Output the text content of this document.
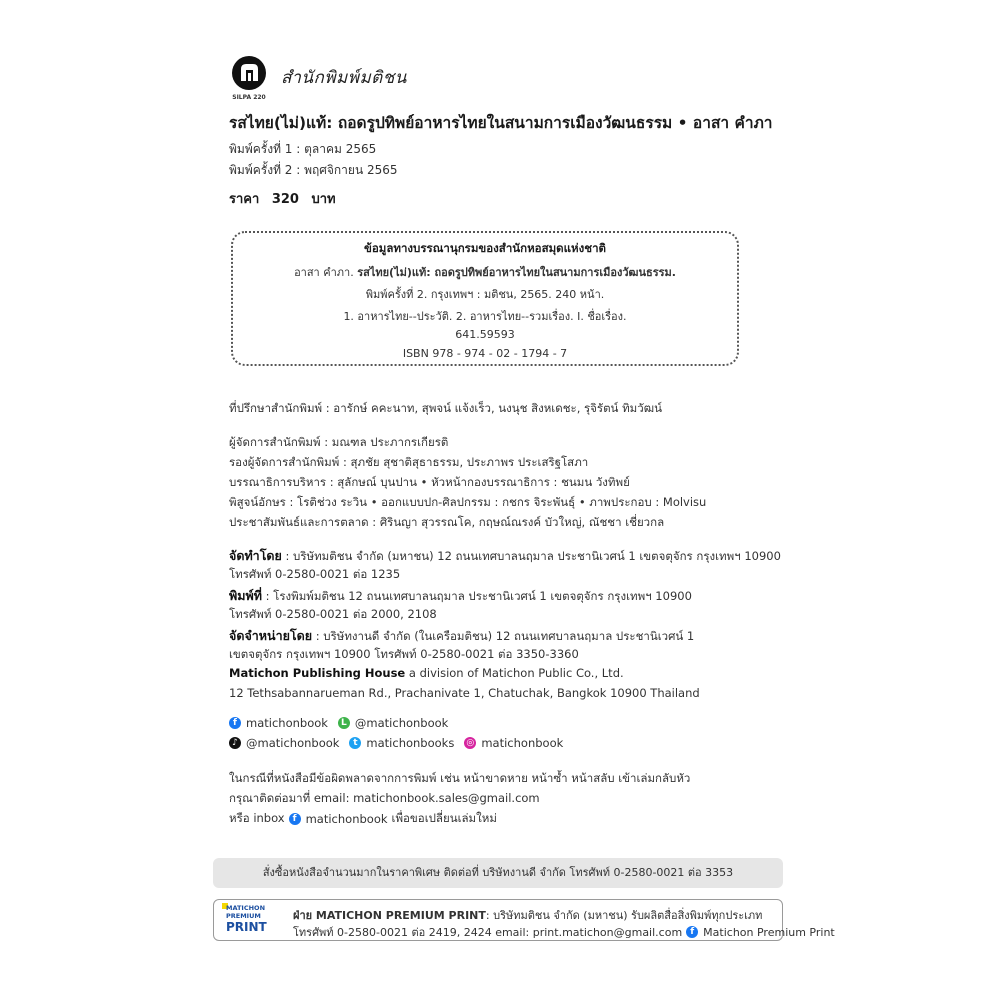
SILPA 220
สำนักพิมพ์มติชน
รสไทย(ไม่)แท้: ถอดรูปทิพย์อาหารไทยในสนามการเมืองวัฒนธรรม • อาสา คำภา
พิมพ์ครั้งที่ 1 : ตุลาคม 2565
พิมพ์ครั้งที่ 2 : พฤศจิกายน 2565
ราคา 320 บาท
ข้อมูลทางบรรณานุกรมของสำนักหอสมุดแห่งชาติ
อาสา คำภา. รสไทย(ไม่)แท้: ถอดรูปทิพย์อาหารไทยในสนามการเมืองวัฒนธรรม.
พิมพ์ครั้งที่ 2. กรุงเทพฯ : มติชน, 2565. 240 หน้า.
1. อาหารไทย--ประวัติ. 2. อาหารไทย--รวมเรื่อง. I. ชื่อเรื่อง.
641.59593
ISBN 978 - 974 - 02 - 1794 - 7
ที่ปรึกษาสำนักพิมพ์ : อารักษ์ คคะนาท, สุพจน์ แจ้งเร็ว, นงนุช สิงหเดชะ, รุจิรัตน์ ทิมวัฒน์
ผู้จัดการสำนักพิมพ์ : มณฑล ประภากรเกียรติ
รองผู้จัดการสำนักพิมพ์ : สุภชัย สุชาติสุธาธรรม, ประภาพร ประเสริฐโสภา
บรรณาธิการบริหาร : สุลักษณ์ บุนปาน • หัวหน้ากองบรรณาธิการ : ชนมน วังทิพย์
พิสูจน์อักษร : โรติช่วง ระวิน • ออกแบบปก-ศิลปกรรม : กชกร จิระพันธุ์ • ภาพประกอบ : Molvisu
ประชาสัมพันธ์และการตลาด : ศิรินญา สุวรรณโค, กฤษณ์ณรงค์ บัวใหญ่, ณัชชา เชี่ยวกล
จัดทำโดย : บริษัทมติชน จำกัด (มหาชน) 12 ถนนเทศบาลนฤมาล ประชานิเวศน์ 1 เขตจตุจักร กรุงเทพฯ 10900
โทรศัพท์ 0-2580-0021 ต่อ 1235
พิมพ์ที่ : โรงพิมพ์มติชน 12 ถนนเทศบาลนฤมาล ประชานิเวศน์ 1 เขตจตุจักร กรุงเทพฯ 10900
โทรศัพท์ 0-2580-0021 ต่อ 2000, 2108
จัดจำหน่ายโดย : บริษัทงานดี จำกัด (ในเครือมติชน) 12 ถนนเทศบาลนฤมาล ประชานิเวศน์ 1
เขตจตุจักร กรุงเทพฯ 10900 โทรศัพท์ 0-2580-0021 ต่อ 3350-3360
Matichon Publishing House a division of Matichon Public Co., Ltd.
12 Tethsabannarueman Rd., Prachanivate 1, Chatuchak, Bangkok 10900 Thailand
f matichonbook	L @matichonbook
♪ @matichonbook	t matichonbooks ◎ matichonbook
ในกรณีที่หนังสือมีข้อผิดพลาดจากการพิมพ์ เช่น หน้าขาดหาย หน้าซ้ำ หน้าสลับ เข้าเล่มกลับหัว
กรุณาติดต่อมาที่ email: matichonbook.sales@gmail.com
หรือ inbox f matichonbook เพื่อขอเปลี่ยนเล่มใหม่
สั่งซื้อหนังสือจำนวนมากในราคาพิเศษ ติดต่อที่ บริษัทงานดี จำกัด โทรศัพท์ 0-2580-0021 ต่อ 3353
MATICHON
PREMIUM
PRINT
ฝ่าย MATICHON PREMIUM PRINT : บริษัทมติชน จำกัด (มหาชน) รับผลิตสื่อสิ่งพิมพ์ทุกประเภท
โทรศัพท์ 0-2580-0021 ต่อ 2419, 2424 email: print.matichon@gmail.com f Matichon Premium Print
